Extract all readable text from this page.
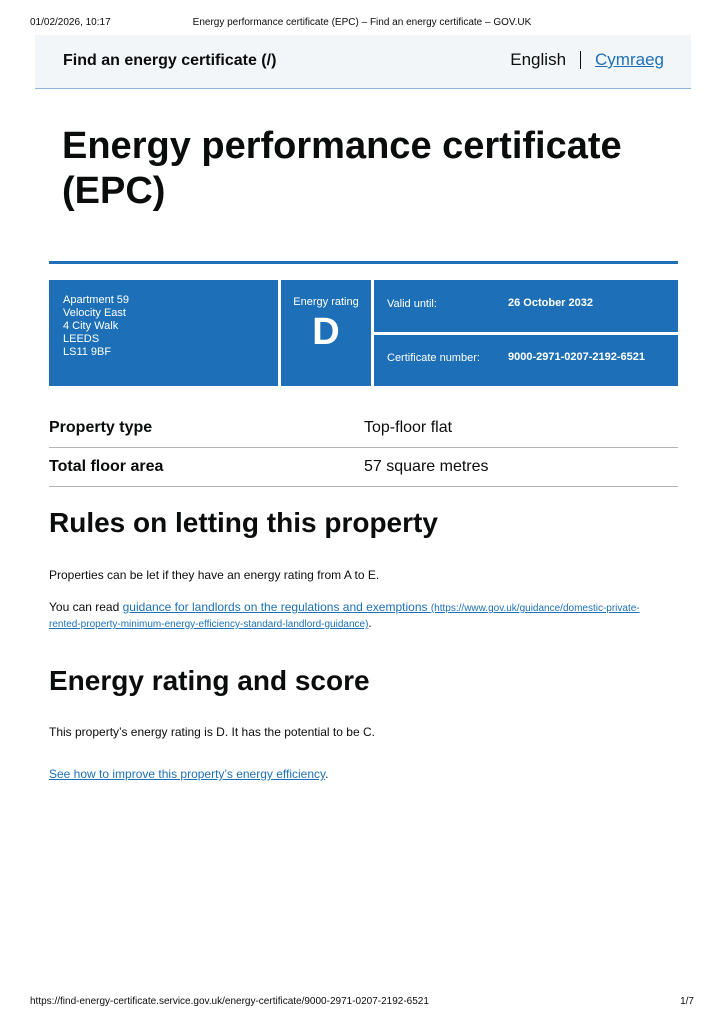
01/02/2026, 10:17	Energy performance certificate (EPC) – Find an energy certificate – GOV.UK
Find an energy certificate (/)	English Cymraeg
Energy performance certificate (EPC)
Apartment 59
Velocity East
4 City Walk
LEEDS
LS11 9BF
Energy rating
D
Valid until:	26 October 2032
Certificate number:	9000-2971-0207-2192-6521
Property type	Top-floor flat
Total floor area	57 square metres
Rules on letting this property

Properties can be let if they have an energy rating from A to E.

You can read guidance for landlords on the regulations and exemptions (https://www.gov.uk/guidance/domestic-private-rented-property-minimum-energy-efficiency-standard-landlord-guidance).

Energy rating and score

This property’s energy rating is D. It has the potential to be C.

See how to improve this property’s energy efficiency.

https://find-energy-certificate.service.gov.uk/energy-certificate/9000-2971-0207-2192-6521	1/7
